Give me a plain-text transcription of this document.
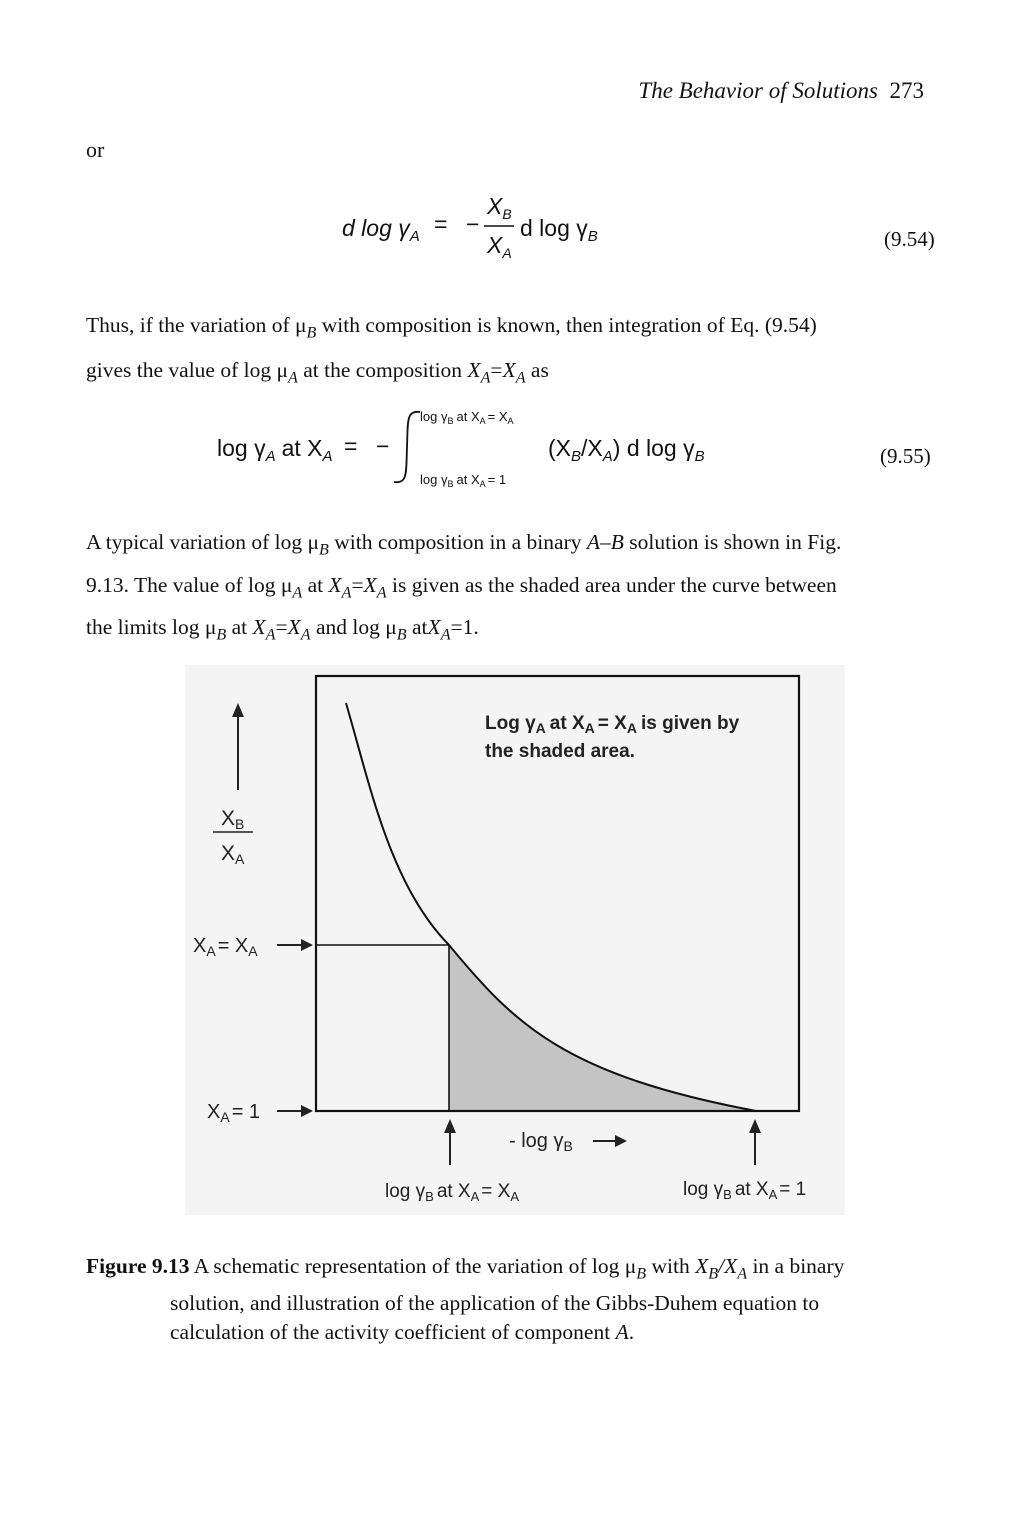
The Behavior of Solutions 273
or
d $\log \gamma_A$ = −
$X_B$
$X_A$
d $\log \gamma_B$	(9.54)
Thus, if the variation of $\mu_B$ with composition is known, then integration of Eq. (9.54)
gives the value of $\log \mu_A$ at the composition $X_A=X_A$ as
$\log \gamma_A$ at $X_A$ = −
$\log \gamma_B$ at $X_A = X_A$
$\log \gamma_B$ at $X_A = 1$
$(X_B/X_A)$ d $\log \gamma_B$	(9.55)
A typical variation of $\log \mu_B$ with composition in a binary A–B solution is shown in Fig.
9.13. The value of $\log \mu_A$ at $X_A=X_A$ is given as the shaded area under the curve between
the limits $\log \mu_B$ at $X_A=X_A$ and $\log \mu_B$ atX$_A$=1.
Log $\gamma_A$ at $X_A = X_A$ is given by
the shaded area.
XB
XA
$X_A = X_A$
$X_A = 1$
- $\log \gamma_B$
$\log \gamma_B$ at $X_A = X_A$	$\log \gamma_B$ at $X_A = 1$
Figure 9.13 A schematic representation of the variation of $\log \mu_B$ with $X_B/X_A$ in a binary
solution, and illustration of the application of the Gibbs-Duhem equation to
calculation of the activity coefficient of component A.
